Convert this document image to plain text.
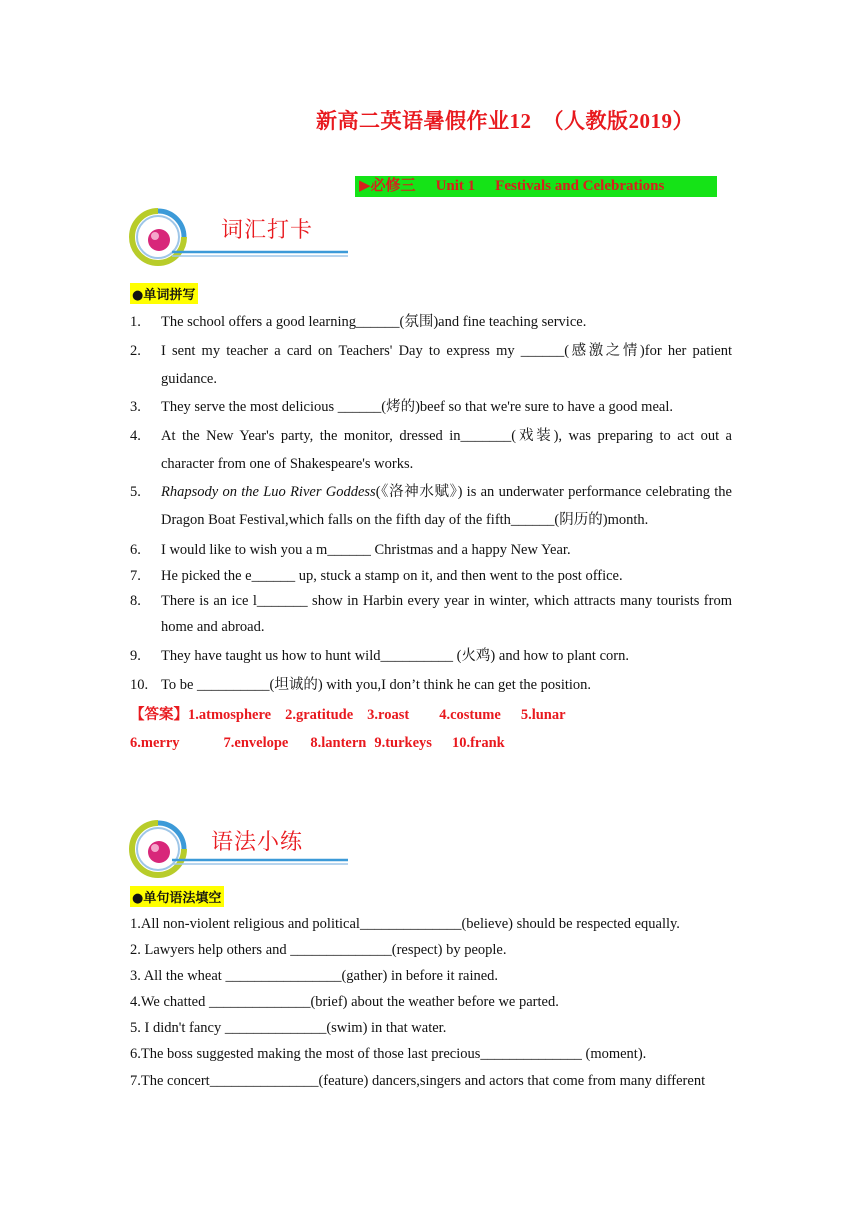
新高二英语暑假作业12　（人教版2019）
▶必修三 Unit 1 Festivals and Celebrations
词汇打卡
●单词拼写
1. The school offers a good learning______(氛围)and fine teaching service.
2. I sent my teacher a card on Teachers' Day to express my ______(感激之情)for her patient guidance.
3. They serve the most delicious ______(烤的)beef so that we're sure to have a good meal.
4. At the New Year's party, the monitor, dressed in_______(戏装), was preparing to act out a character from one of Shakespeare's works.
5. Rhapsody on the Luo River Goddess(《洛神水赋》) is an underwater performance celebrating the Dragon Boat Festival,which falls on the fifth day of the fifth______(阴历的)month.
6. I would like to wish you a m______ Christmas and a happy New Year.
7. He picked the e______ up, stuck a stamp on it, and then went to the post office.
8. There is an ice l_______ show in Harbin every year in winter, which attracts many tourists from home and abroad.
9. They have taught us how to hunt wild__________ (火鸡) and how to plant corn.
10. To be __________(坦诚的) with you,I don’t think he can get the position.
【答案】1.atmosphere 2.gratitude 3.roast 4.costume 5.lunar
6.merry	7.envelope 8.lantern 9.turkeys 10.frank
语法小练
●单句语法填空
1.All non-violent religious and political______________(believe) should be respected equally.
2. Lawyers help others and ______________(respect) by people.
3. All the wheat ________________(gather) in before it rained.
4.We chatted ______________(brief) about the weather before we parted.
5. I didn't fancy ______________(swim) in that water.
6.The boss suggested making the most of those last precious______________ (moment).
7.The concert_______________(feature) dancers,singers and actors that come from many different
